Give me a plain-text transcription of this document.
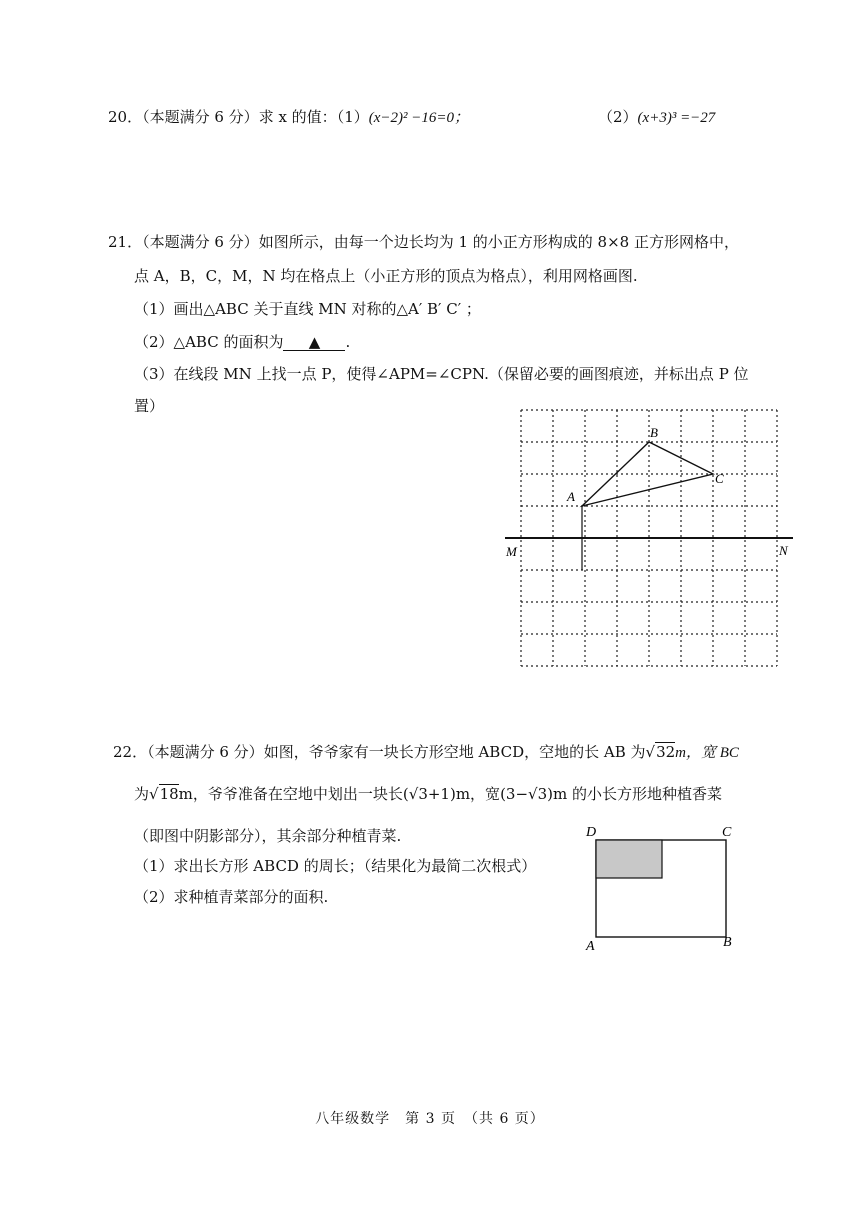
20．（本题满分 6 分）求 x 的值：（1）(x−2)² −16=0；	（2）(x+3)³ =−27
21．（本题满分 6 分）如图所示，由每一个边长均为 1 的小正方形构成的 8×8 正方形网格中，
点 A，B，C，M，N 均在格点上（小正方形的顶点为格点），利用网格画图.
（1）画出△ABC 关于直线 MN 对称的△A′ B′ C′ ；
（2）△ABC 的面积为 ▲ .
（3）在线段 MN 上找一点 P，使得∠APM=∠CPN.（保留必要的画图痕迹，并标出点 P 位
置）
B
C
A
M	N
22．（本题满分 6 分）如图，爷爷家有一块长方形空地 ABCD，空地的长 AB 为√32m，宽 BC
为√18m，爷爷准备在空地中划出一块长(√3+1)m，宽(3−√3)m 的小长方形地种植香菜
（即图中阴影部分），其余部分种植青菜.
（1）求出长方形 ABCD 的周长；（结果化为最简二次根式）
（2）求种植青菜部分的面积.
D	C
A	B
八年级数学　第 3 页　（共 6 页）
